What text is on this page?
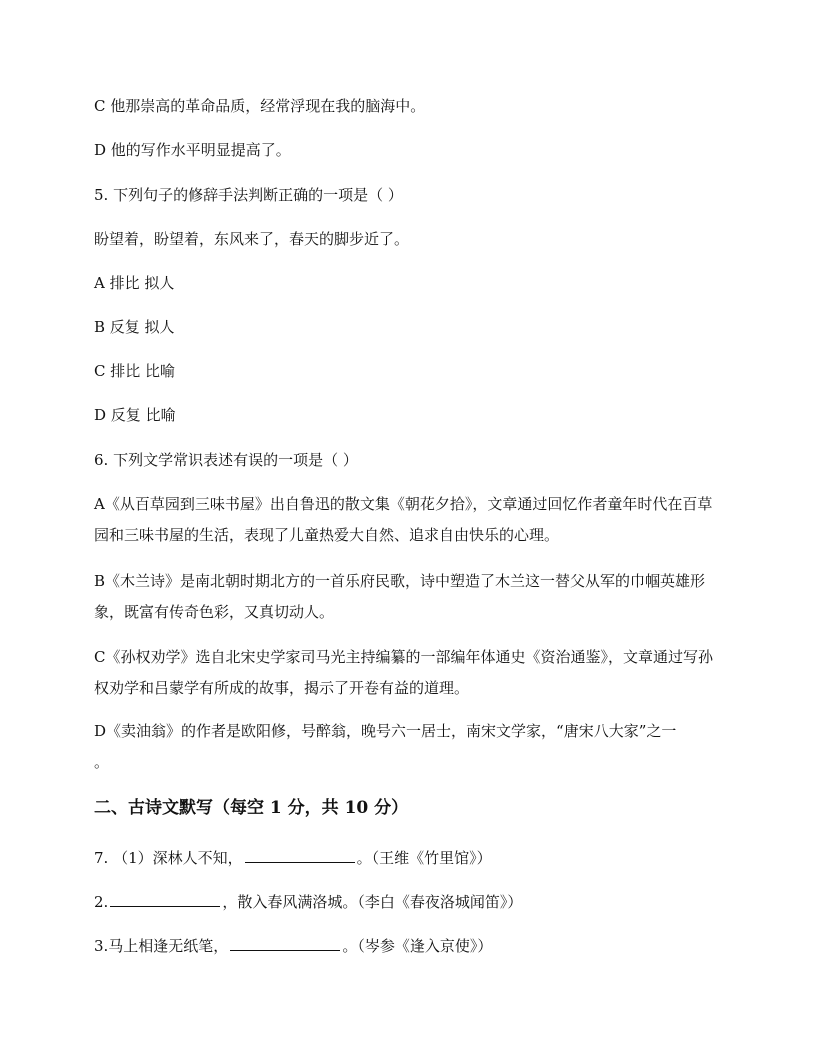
C 他那崇高的革命品质，经常浮现在我的脑海中。
D 他的写作水平明显提高了。
5. 下列句子的修辞手法判断正确的一项是（ ）
盼望着，盼望着，东风来了，春天的脚步近了。
A 排比 拟人
B 反复 拟人
C 排比 比喻
D 反复 比喻
6. 下列文学常识表述有误的一项是（ ）
A《从百草园到三味书屋》出自鲁迅的散文集《朝花夕拾》，文章通过回忆作者童年时代在百草园和三味书屋的生活，表现了儿童热爱大自然、追求自由快乐的心理。
B《木兰诗》是南北朝时期北方的一首乐府民歌，诗中塑造了木兰这一替父从军的巾帼英雄形象，既富有传奇色彩，又真切动人。
C《孙权劝学》选自北宋史学家司马光主持编纂的一部编年体通史《资治通鉴》，文章通过写孙权劝学和吕蒙学有所成的故事，揭示了开卷有益的道理。
D《卖油翁》的作者是欧阳修，号醉翁，晚号六一居士，南宋文学家，“唐宋八大家”之一
。
二、古诗文默写（每空 1 分，共 10 分）
7. （1）深林人不知，	。（王维《竹里馆》）
2.	，散入春风满洛城。（李白《春夜洛城闻笛》）
3.马上相逢无纸笔，	。（岑参《逢入京使》）
